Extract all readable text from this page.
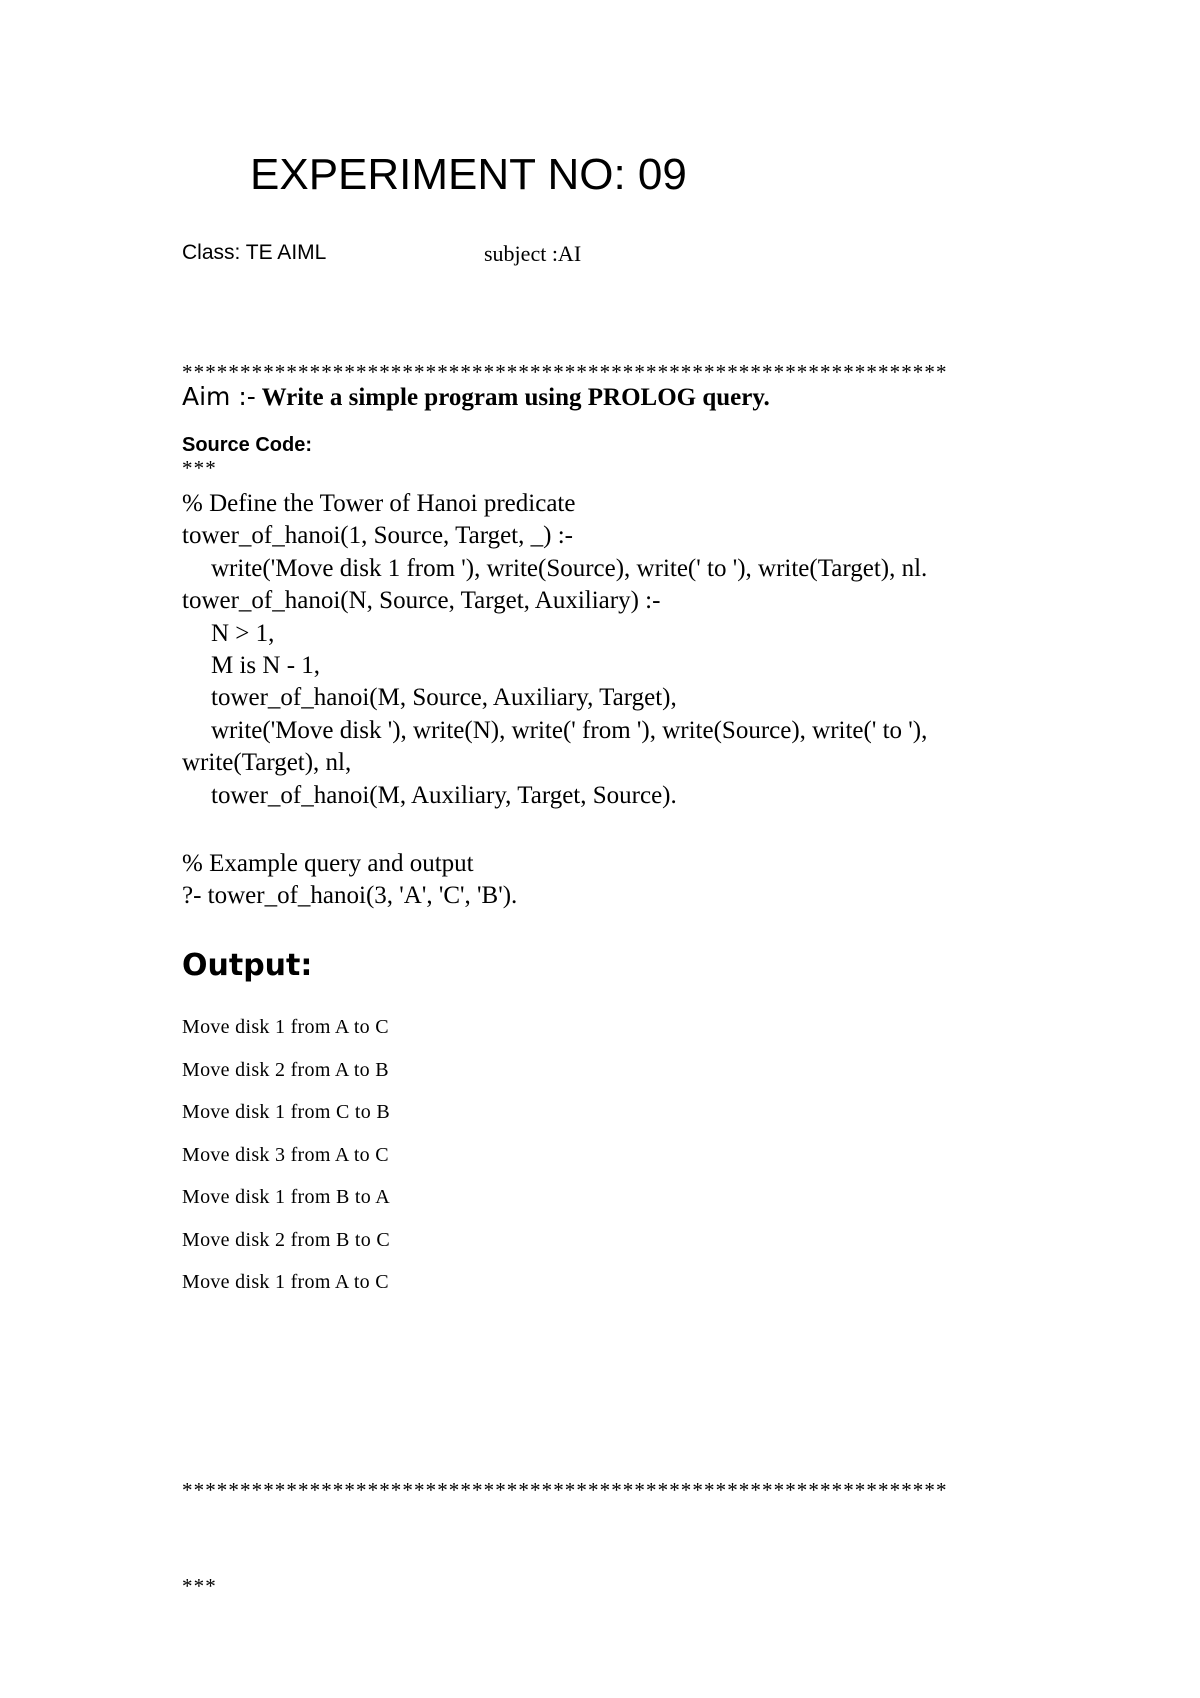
EXPERIMENT NO: 09
Class: TE AIML	subject :AI

******************************************************************

***

Aim :- Write a simple program using PROLOG query.
Source Code:
% Define the Tower of Hanoi predicate
tower_of_hanoi(1, Source, Target, _) :-
write('Move disk 1 from '), write(Source), write(' to '), write(Target), nl.
tower_of_hanoi(N, Source, Target, Auxiliary) :-
N > 1,
M is N - 1,
tower_of_hanoi(M, Source, Auxiliary, Target),
write('Move disk '), write(N), write(' from '), write(Source), write(' to '),
write(Target), nl,
tower_of_hanoi(M, Auxiliary, Target, Source).
% Example query and output
?- tower_of_hanoi(3, 'A', 'C', 'B').
Output:
Move disk 1 from A to C
Move disk 2 from A to B
Move disk 1 from C to B
Move disk 3 from A to C
Move disk 1 from B to A
Move disk 2 from B to C
Move disk 1 from A to C

******************************************************************

***
